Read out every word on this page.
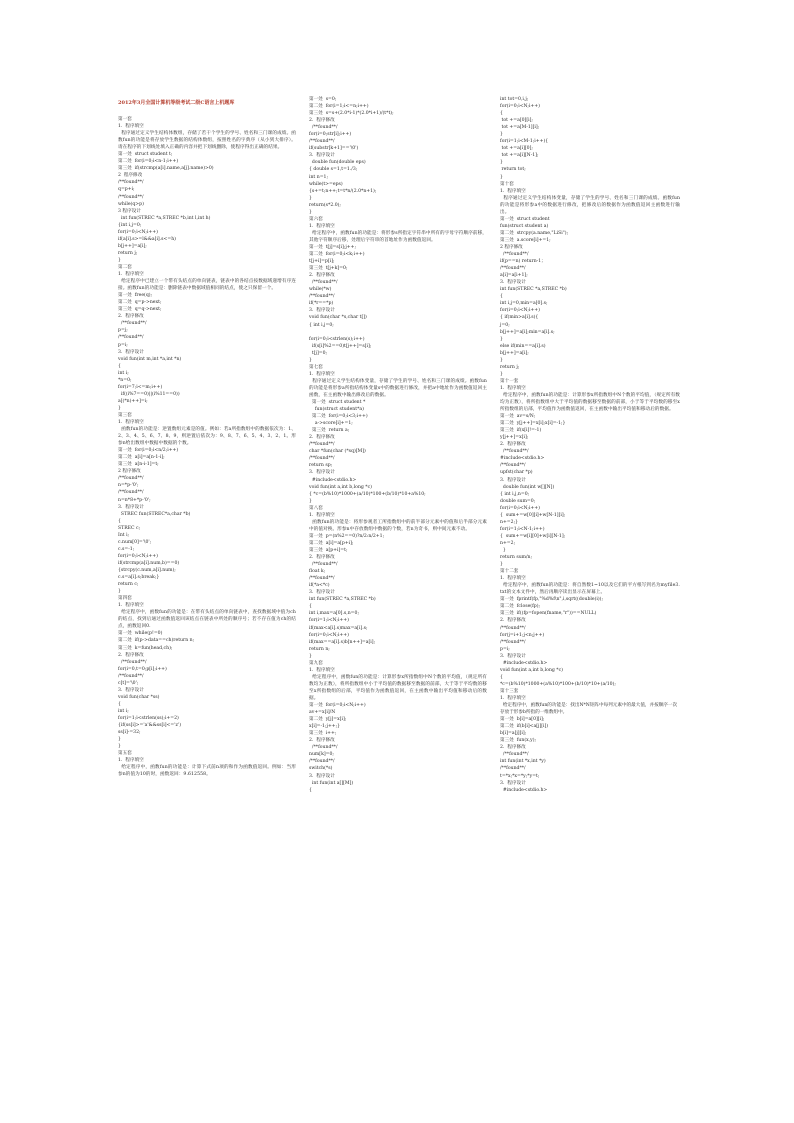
2012年3月全国计算机等级考试二级C语言上机题库
第一套
1.  程序填空
程序通过定义学生结构体数组，存储了若干个学生的学号、姓名和三门课的成绩。函数fun的功能是将存放学生数据的结构体数组，按照姓名的字典序（从小到大排序）。请在程序的下划线处填入正确的内容并把下划线删除，使程序得出正确的结果。
第一处  struct student t;
第二处  for(i=0;i<n-1;i++)
第三处  if(strcmp(a[i].name,a[j].name)>0)
2  程序修改
/**found**/
q=p+i;
/**found**/
while(q>p)
3 程序设计
int fun(STREC *a,STREC *b,int l,int h)
{int i,j=0;
for(i=0;i<N;i++)
if(a[i].s>=l&&a[i].s<=h)
b[j++]=a[i];
return j;
}
第二套
1.  程序填空
给定程序中已建立一个带有头结点的单向链表，链表中的各结点按数据域递增有序连接。函数fun的功能是：删除链表中数据域值相同的结点，使之只保留一个。
第一处  free(q);
第二处  q=p->next;
第三处  q=q->next;
2.  程序修改
/**found**/
p=j;
/**found**/
p=i;
3.  程序设计
void fun(int m,int *a,int *n)
{
int i;
*n=0;
for(i=7;i<=m;i++)
if((i%7==0)||(i%11==0))
a[(*n)++]=i;
}
第三套
1.  程序填空
函数fun的功能是：逆置数组元素是的值。例如：若a所指数组中的数据依次为：1、2、3、4、5、6、7、8、9，则逆置后依次为：9、8、7、6、5、4、3、2、1。形参n给出数组中数据中数据的个数。
第一处  for(i=0;i<n/2;i++)
第二处  a[i]=a[n-1-i];
第三处  a[n-i-1]=t;
2 程序修改
/**found**/
n=*p-'0';
/**found**/
n=n*8+*p-'0';
3.  程序设计
STREC fun(STREC*a,char *b)
{
STREC c;
Int i;
c.num[0]='\0';
c.s=-1;
for(i=0;i<N;i++)
if(strcmp(a[i].num,b)==0)
{strcpy(c.num,a[i].num);
c.s=a[i].s;break;}
return c;
}
第四套
1.  程序填空
给定程序中，函数fun的功能是：在带有头结点的单向链表中，查找数据域中值为ch的结点，找到后通过函数值返回该结点在链表中所处的顺序号；若不存在值为ch的结点，函数返回0.
第一处  while(p!=0)
第二处  if(p->data==ch)return n;
第三处  k=fun(head,ch);
2.  程序修改
/**found**/
for(i=0,t=0;p[i];i++)
/**found**/
c[t]='\0';
3.  程序设计
void fun(char *ss)
{
int i;
for(i=1;i<strlen(ss);i+=2)
{if(ss[i]>='a'&&ss[i]<='z')
ss[i]-=32;
}
}
第五套
1.  程序填空
给定程序中，函数fun的功能是：计算下式前n项的和作为函数值返回。例如：当形参n的值为10的时，函数返回：9.612558。
第一处  s=0;
第二处  for(i=1;i<=n;i++)
第三处  s=s+(2.0*i-1)*(2.0*i+1)/(t*t);
2.  程序修改
/**found**/
for(i=0;str[i];i++)
/**found**/
if(substr[k+1]=='\0')
3.  程序设计
double fun(double eps)
{ double s=1,t=1./3;
int n=1;
while(t>=eps)
{s+=t;n++;t=t*n/(2.0*n+1);
}
return(s*2.0);
}
第六套
1.  程序填空
给定程序中，函数fun的功能是：将形参s所指定字符串中所有的字母字符顺序前移，其他字符顺序后移，处理后字符串的首地址作为函数值返回。
第一处  t[j]=s[i];j++;
第二处  for(i=0;i<k;i++)
t[j+i]=p[i];
第三处  t[j+k]=0;
2.  程序修改
/**found**/
while(*w)
/**found**/
if(*r==*p)
3.  程序设计
void fun(char *s,char t[])
{ int i,j=0;

for(i=0;i<strlen(s);i++)
if(s[i]%2==0)t[j++]=s[i];
t[j]=0;
}
第七套
1.  程序填空
程序通过定义学生结构体变量，存储了学生的学号、姓名和三门课的成绩。函数fun的功能是将形参a所指结构体变量s中的数据进行修改，并把a中地址作为函数值返回主函数，在主函数中输出修改后的数据。
第一处  struct student *
fun(struct student*a)
第二处  for(i=0;i<3;i++)
a->score[i]+=1;
第三处  return a;
2.  程序修改
/**found**/
char *fun(char (*sq)[M])
/**found**/
return sp;
3.  程序设计
#include<stdio.h>
void fun(int a,int b,long *c)
{ *c=(b%10)*1000+(a/10)*100+(b/10)*10+a%10;
}
第八套
1.  程序填空
函数fun的功能是：将形参观者工所指数组中的前半部分元素中的值和后半部分元素中的值对换。形参n中存放数组中数据的个数，若n为奇书，则中间元素不动。
第一处  p=(n%2==0)?n/2:n/2+1;
第二处  a[i]=a[p+i];
第三处  a[p+i]=t;
2.  程序修改
/**found**/
float k;
/**found**/
if(*a<*c)
3.  程序设计
int fun(STREC *a,STREC *b)
{
int i,max=a[0].s,n=0;
for(i=1;i<N;i++)
if(max<a[i].s)max=a[i].s;
for(i=0;i<N;i++)
if(max==a[i].s)b[n++]=a[i];
return n;
}
第九套
1.  程序填空
给定程序中，函数fun的功能是：计算形参x所指数组中N个数的平均值，（规定所有数均为正数），将所指数组中小于平均值的数据移至数据的前部，大于等于平均数的移至x所指数组的后部，平均值作为函数值返回，在主函数中输出平均值和移动后的数据。
第一处  for(i=0;i<N;i++)
av+=x[i]/N
第二处  y[j]=x[i];
x[i]=-1;j++;}
第三处  i++;
2.  程序修改
/**found**/
num[k]=0;
/**found**/
switch(*s)
3.  程序设计
int fun(int a[][M])
{
int tot=0,i,j;
for(i=0;i<N;i++)
{
tot +=a[0][i];
tot +=a[M-1][i];
}
for(i=1;i<M-1;i++){
tot +=a[i][0];
tot +=a[i][N-1];
}
return tot;
}
第十套
1.  程序填空
程序通过定义学生结构体变量，存储了学生的学号、姓名和三门课的成绩。函数fun的功能是将形参a中的数据进行修改，把修改后的数据作为函数值返回主函数进行输出。
第一处  struct student
fun(struct student a)
第二处  strcpy(a.name,"LiSi");
第三处  a.score[i]+=1;
2 程序修改
/**found**/
if(p==n) return-1；
/**found**/
a[i]=a[i+1];
3.  程序设计
int fun(STREC *a,STREC *b)
{
int i,j=0,min=a[0].s;
for(i=0;i<N;i++)
{ if(min>a[i].s){
j=0;
b[j++]=a[i];min=a[i].s;
}
else if(min==a[i].s)
b[j++]=a[i];
}
return j;
}
第十一套
1.  程序填空
给定程序中，函数fun的功能是：计算形参x所指数组中N个数的平均值，（规定所有数均为正数），将所指数组中大于平均值的数据移至数据的前部，小于等于平均数的移至x所指数组的后部，平均值作为函数值返回，在主函数中输出平均值和移动后的数据。
第一处  av=s/N;
第二处  y[j++]=x[i];x[i]=-1;}
第三处  if(x[i]!=-1)
y[j++]=x[i];
2.  程序修改
/**found**/
#include<stdio.h>
/**found**/
upfst(char *p)
3.  程序设计
double fun(int w[][N])
{ int i,j,n=0;
double sum=0;
for(i=0;i<N;i++)
{  sum+=w[0][i]+w[N-1][i];
n+=2;}
for(i=1;i<N-1;i++)
{  sum+=w[i][0]+w[i][N-1];
n+=2;
}
return sum/n;
}
第十二套
1.  程序填空
给定程序中，函数fun的功能是：将自然数1~10以及它们的平方根写到名为myfile3.txt的文本文件中，然后再顺序读出显示在屏幕上。
第一处  fprintf(fp,"%d%f\n",i,sqrt((double)i));
第二处  fclose(fp);
第三处  if((fp=fopen(fname,"r"))==NULL)
2.  程序修改
/**found**/
for(j=i+1;j<n;j++)
/**found**/
p=i;
3.  程序设计
#include<stdio.h>
void fun(int a,int b,long *c)
{
*c=(b%10)*1000+(a%10)*100+(b/10)*10+(a/10);
第十三套
1.  程序填空
给定程序中，函数fun的功能是：找出N*N矩阵中每列元素中的最大值，并按顺序一次存放于形参b所指的一维数组中。
第一处  b[i]=a[0][i];
第二处  if(b[i]<a[j][i])
b[i]=a[j][i];
第三处  fun(x,y);
2.  程序修改
/**found**/
int fun(int *x,int *y)
/**found**/
t=*x;*x=*y;*y=t;
3.  程序设计
#include<stdio.h>
